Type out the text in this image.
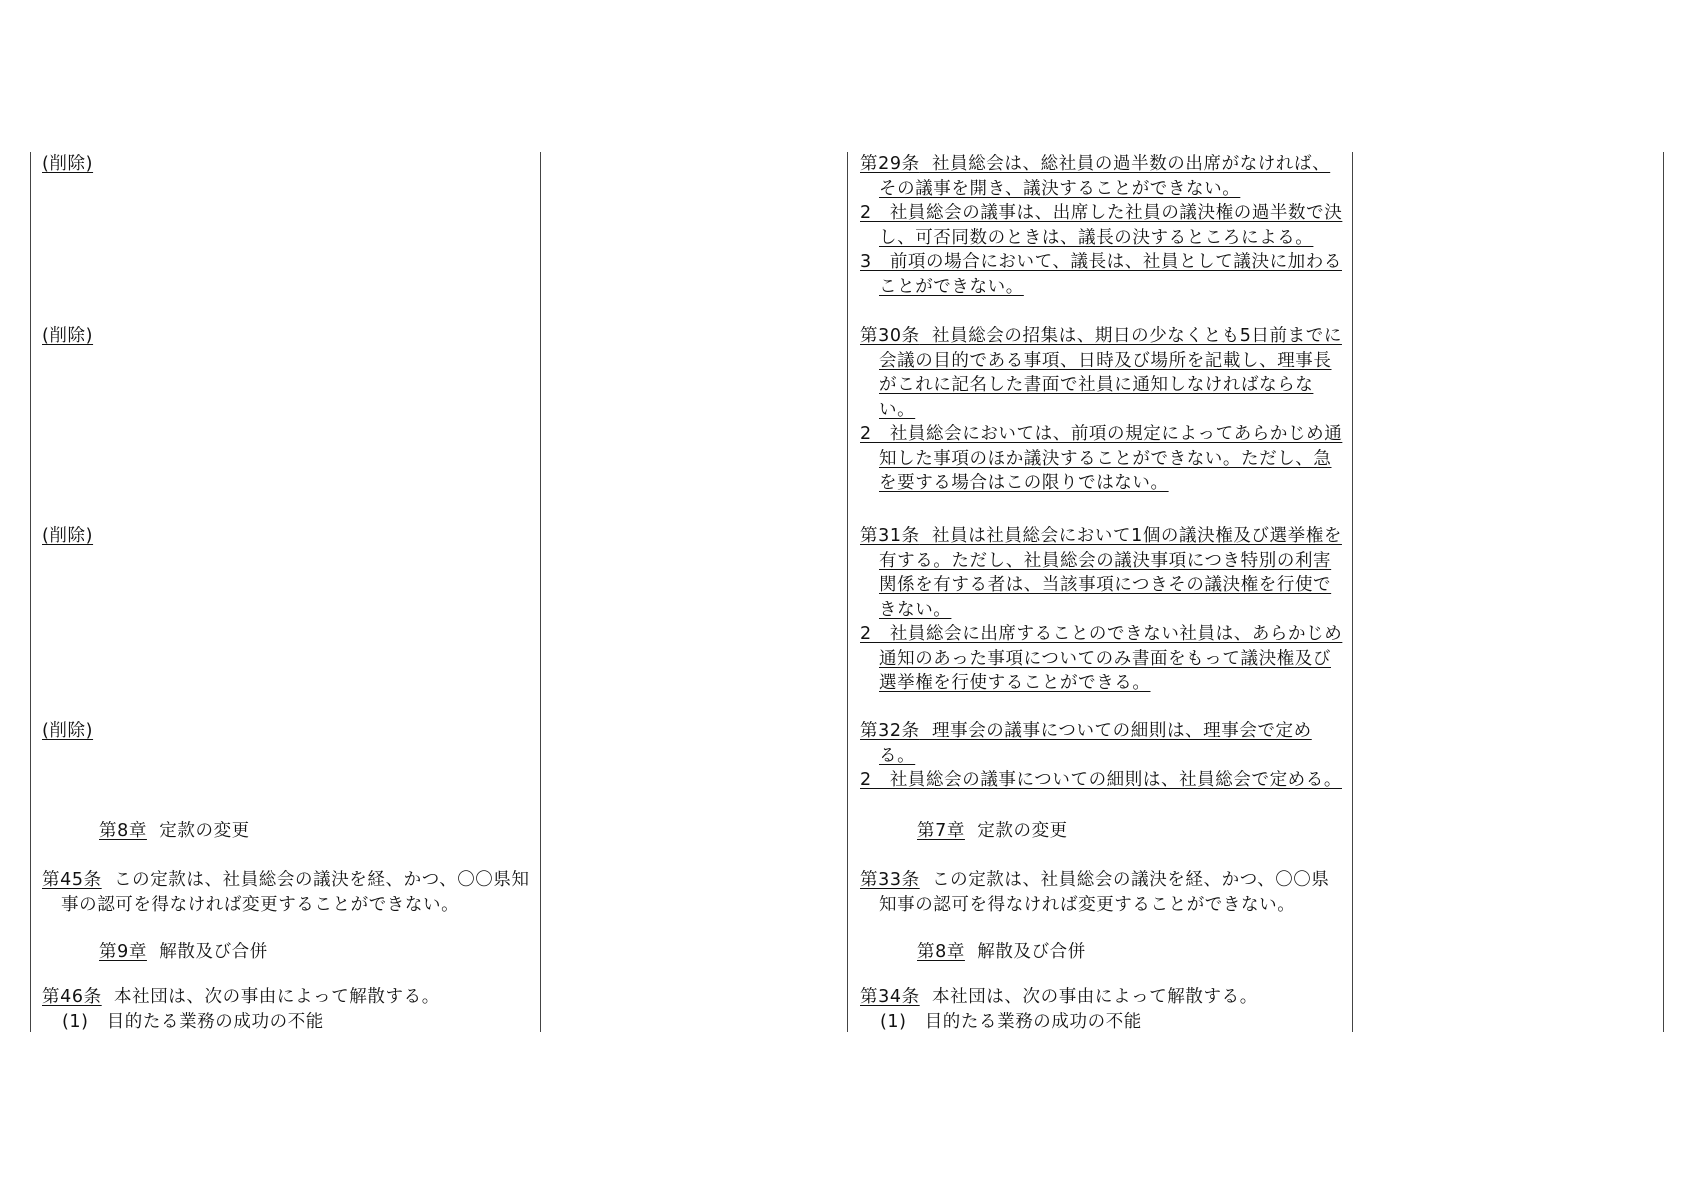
(削除)

(削除)

(削除)

(削除)

第8章 定款の変更

第45条 この定款は、社員総会の議決を経、かつ、〇〇県知事の認可を得なければ変更することができない。

第9章 解散及び合併

第46条 本社団は、次の事由によって解散する。

(1)　目的たる業務の成功の不能

第29条 社員総会は、総社員の過半数の出席がなければ、その議事を開き、議決することができない。

2　社員総会の議事は、出席した社員の議決権の過半数で決し、可否同数のときは、議長の決するところによる。

3　前項の場合において、議長は、社員として議決に加わることができない。

第30条 社員総会の招集は、期日の少なくとも5日前までに会議の目的である事項、日時及び場所を記載し、理事長がこれに記名した書面で社員に通知しなければならない。

2　社員総会においては、前項の規定によってあらかじめ通知した事項のほか議決することができない。ただし、急を要する場合はこの限りではない。

第31条 社員は社員総会において1個の議決権及び選挙権を有する。ただし、社員総会の議決事項につき特別の利害関係を有する者は、当該事項につきその議決権を行使できない。

2　社員総会に出席することのできない社員は、あらかじめ通知のあった事項についてのみ書面をもって議決権及び選挙権を行使することができる。

第32条 理事会の議事についての細則は、理事会で定める。

2　社員総会の議事についての細則は、社員総会で定める。

第7章 定款の変更

第33条 この定款は、社員総会の議決を経、かつ、〇〇県知事の認可を得なければ変更することができない。

第8章 解散及び合併

第34条 本社団は、次の事由によって解散する。

(1)　目的たる業務の成功の不能
